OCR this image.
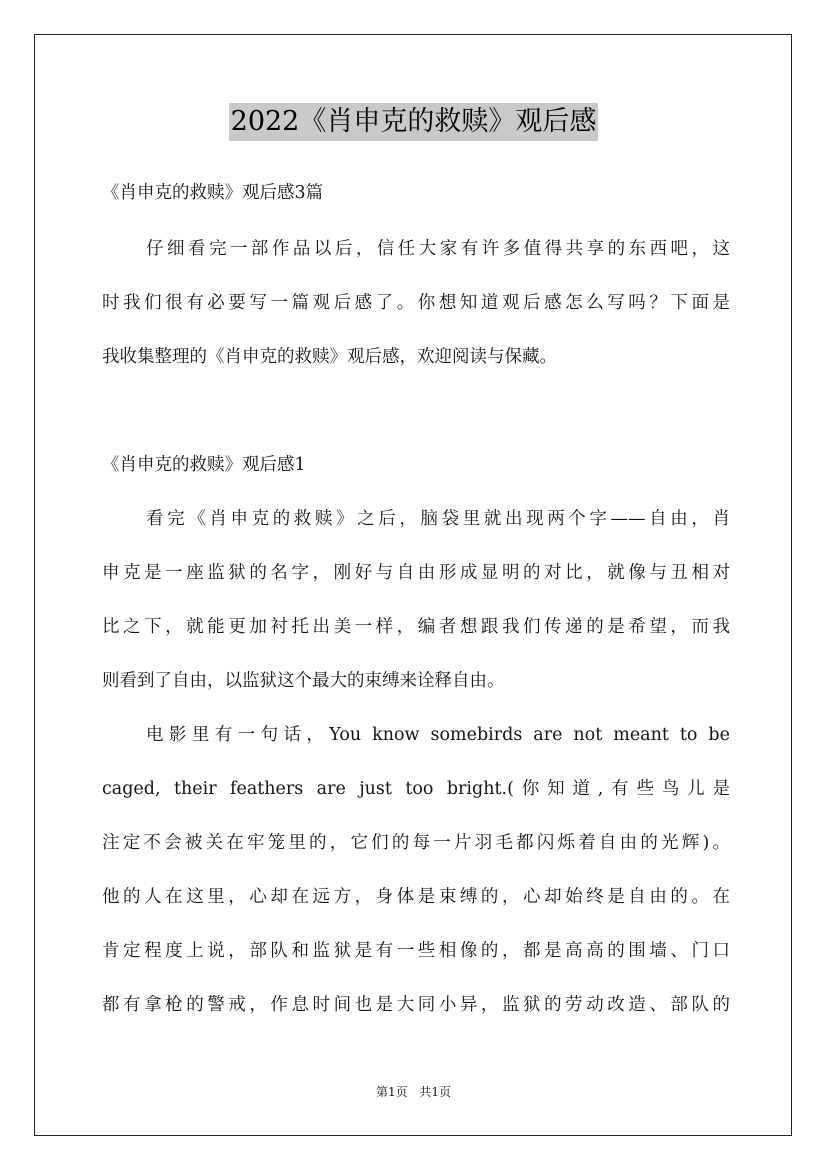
2022《肖申克的救赎》观后感
《肖申克的救赎》观后感3篇
仔细看完一部作品以后，信任大家有许多值得共享的东西吧，这
时我们很有必要写一篇观后感了。你想知道观后感怎么写吗？下面是
我收集整理的《肖申克的救赎》观后感，欢迎阅读与保藏。
《肖申克的救赎》观后感1
看完《肖申克的救赎》之后，脑袋里就出现两个字——自由，肖
申克是一座监狱的名字，刚好与自由形成显明的对比，就像与丑相对
比之下，就能更加衬托出美一样，编者想跟我们传递的是希望，而我
则看到了自由，以监狱这个最大的束缚来诠释自由。
电影里有一句话，You know somebirds are not meant to be
caged, their feathers are just too bright.(你知道,有些鸟儿是
注定不会被关在牢笼里的，它们的每一片羽毛都闪烁着自由的光辉)。
他的人在这里，心却在远方，身体是束缚的，心却始终是自由的。在
肯定程度上说，部队和监狱是有一些相像的，都是高高的围墙、门口
都有拿枪的警戒，作息时间也是大同小异，监狱的劳动改造、部队的
第1页 共1页
